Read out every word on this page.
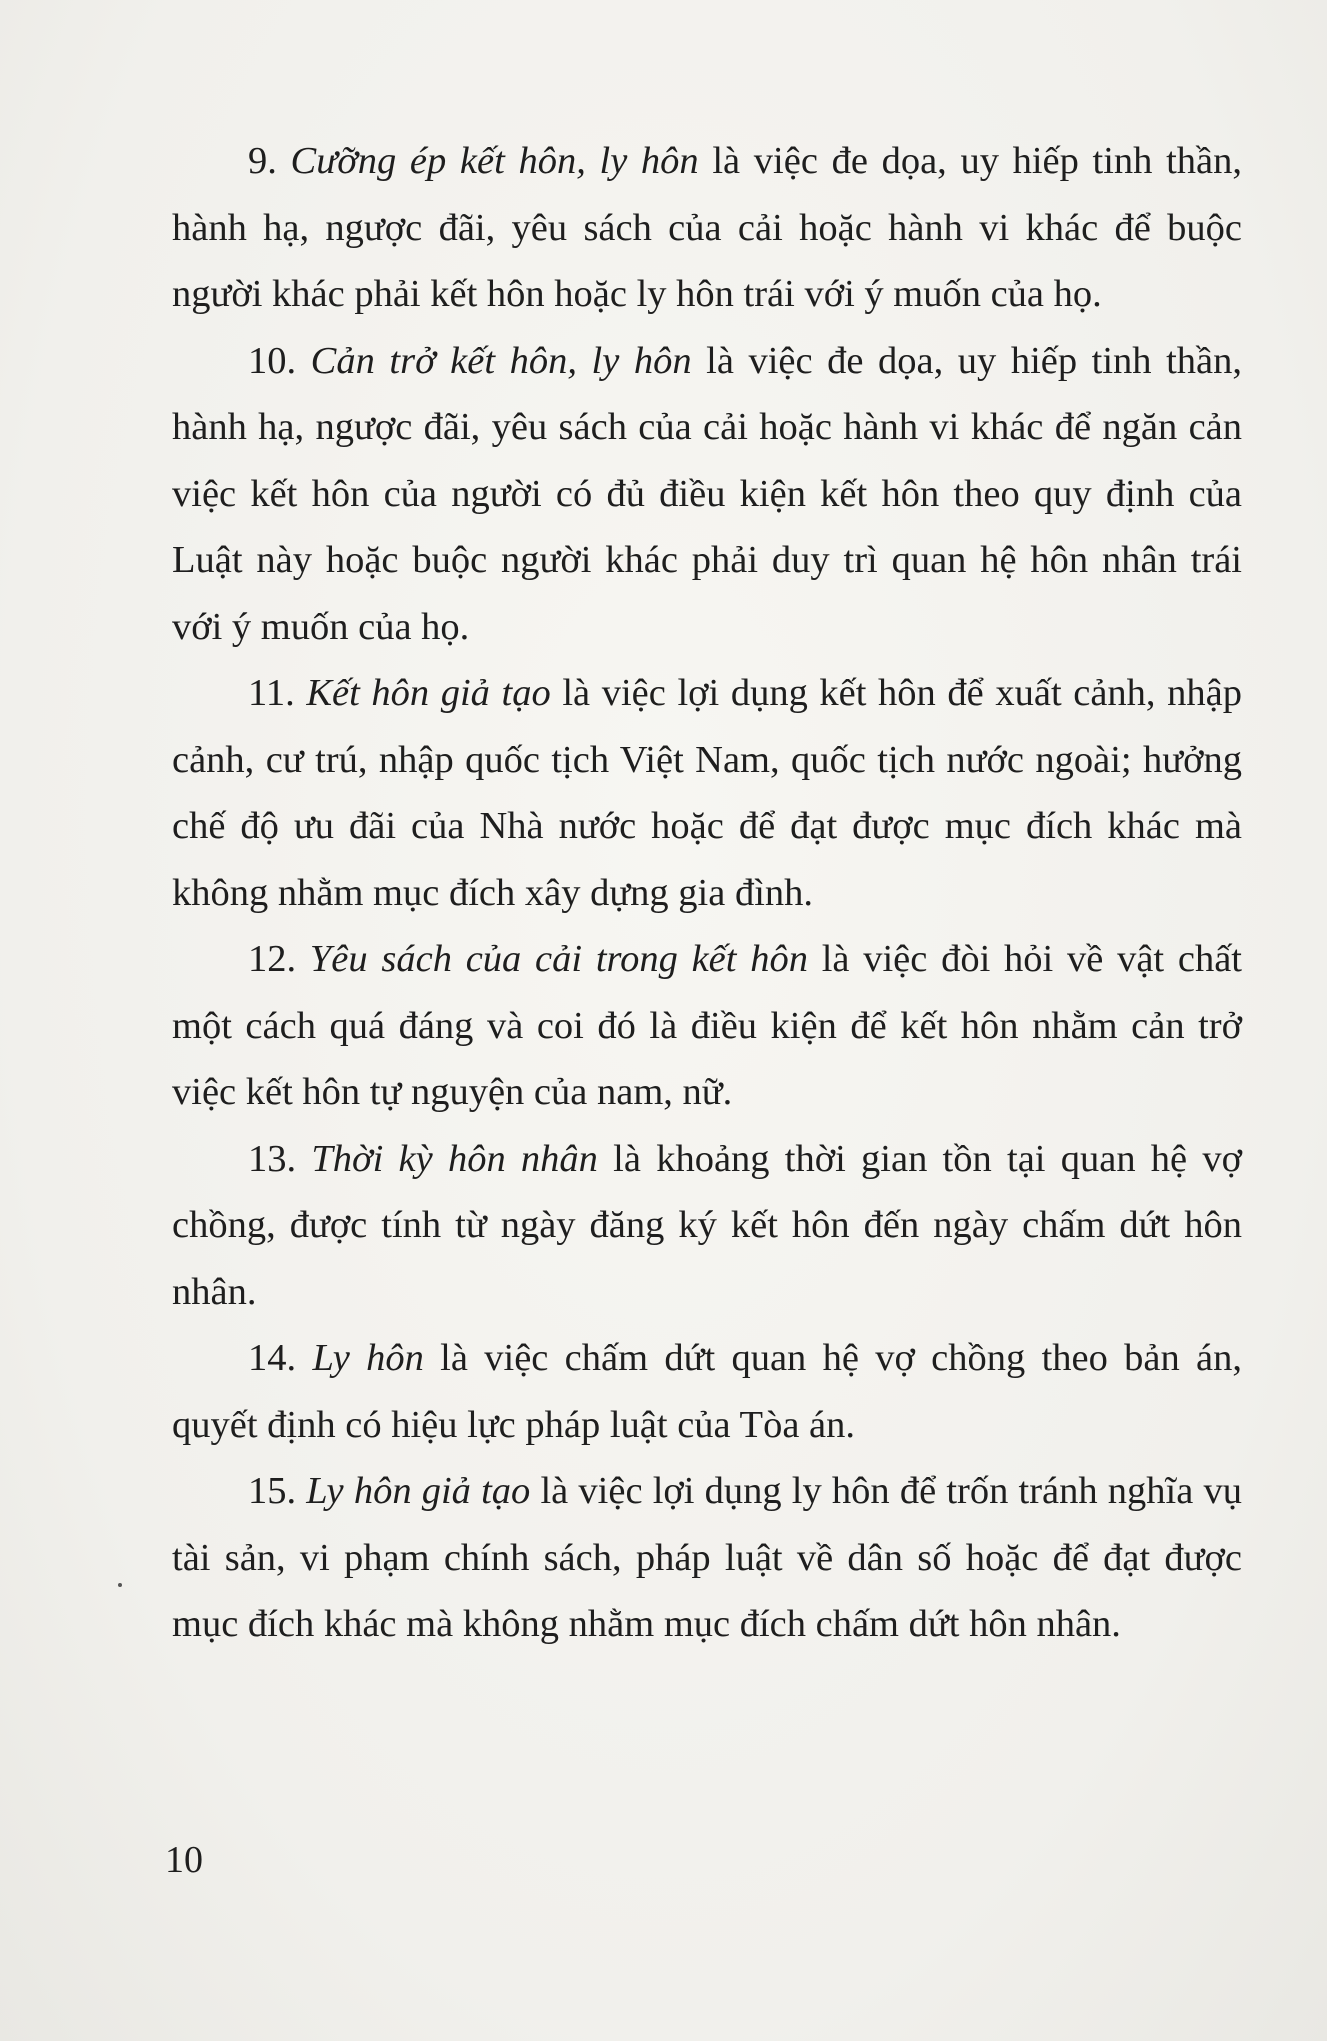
9. Cưỡng ép kết hôn, ly hôn là việc đe dọa, uy hiếp tinh thần, hành hạ, ngược đãi, yêu sách của cải hoặc hành vi khác để buộc người khác phải kết hôn hoặc ly hôn trái với ý muốn của họ.

10. Cản trở kết hôn, ly hôn là việc đe dọa, uy hiếp tinh thần, hành hạ, ngược đãi, yêu sách của cải hoặc hành vi khác để ngăn cản việc kết hôn của người có đủ điều kiện kết hôn theo quy định của Luật này hoặc buộc người khác phải duy trì quan hệ hôn nhân trái với ý muốn của họ.

11. Kết hôn giả tạo là việc lợi dụng kết hôn để xuất cảnh, nhập cảnh, cư trú, nhập quốc tịch Việt Nam, quốc tịch nước ngoài; hưởng chế độ ưu đãi của Nhà nước hoặc để đạt được mục đích khác mà không nhằm mục đích xây dựng gia đình.

12. Yêu sách của cải trong kết hôn là việc đòi hỏi về vật chất một cách quá đáng và coi đó là điều kiện để kết hôn nhằm cản trở việc kết hôn tự nguyện của nam, nữ.

13. Thời kỳ hôn nhân là khoảng thời gian tồn tại quan hệ vợ chồng, được tính từ ngày đăng ký kết hôn đến ngày chấm dứt hôn nhân.

14. Ly hôn là việc chấm dứt quan hệ vợ chồng theo bản án, quyết định có hiệu lực pháp luật của Tòa án.

15. Ly hôn giả tạo là việc lợi dụng ly hôn để trốn tránh nghĩa vụ tài sản, vi phạm chính sách, pháp luật về dân số hoặc để đạt được mục đích khác mà không nhằm mục đích chấm dứt hôn nhân.

10
